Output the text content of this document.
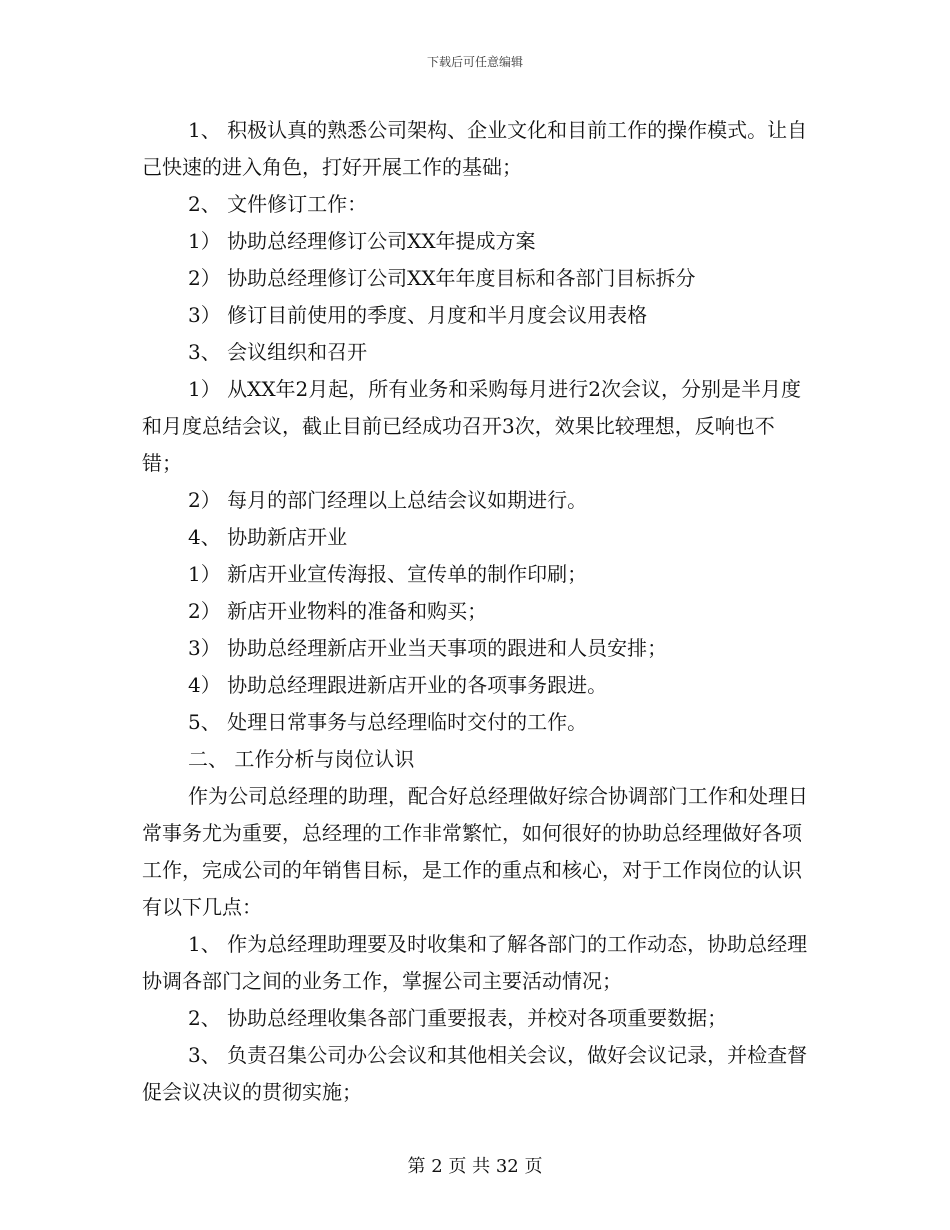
下载后可任意编辑

1、 积极认真的熟悉公司架构、企业文化和目前工作的操作模式。让自己快速的进入角色，打好开展工作的基础；

2、 文件修订工作：

1） 协助总经理修订公司XX年提成方案

2） 协助总经理修订公司XX年年度目标和各部门目标拆分

3） 修订目前使用的季度、月度和半月度会议用表格

3、 会议组织和召开

1） 从XX年2月起，所有业务和采购每月进行2次会议，分别是半月度和月度总结会议，截止目前已经成功召开3次，效果比较理想，反响也不错；

2） 每月的部门经理以上总结会议如期进行。

4、 协助新店开业

1） 新店开业宣传海报、宣传单的制作印刷；

2） 新店开业物料的准备和购买；

3） 协助总经理新店开业当天事项的跟进和人员安排；

4） 协助总经理跟进新店开业的各项事务跟进。

5、 处理日常事务与总经理临时交付的工作。

二、 工作分析与岗位认识

作为公司总经理的助理，配合好总经理做好综合协调部门工作和处理日常事务尤为重要，总经理的工作非常繁忙，如何很好的协助总经理做好各项工作，完成公司的年销售目标，是工作的重点和核心，对于工作岗位的认识有以下几点：

1、 作为总经理助理要及时收集和了解各部门的工作动态，协助总经理协调各部门之间的业务工作，掌握公司主要活动情况；

2、 协助总经理收集各部门重要报表，并校对各项重要数据；

3、 负责召集公司办公会议和其他相关会议，做好会议记录，并检查督促会议决议的贯彻实施；

第 2 页 共 32 页
